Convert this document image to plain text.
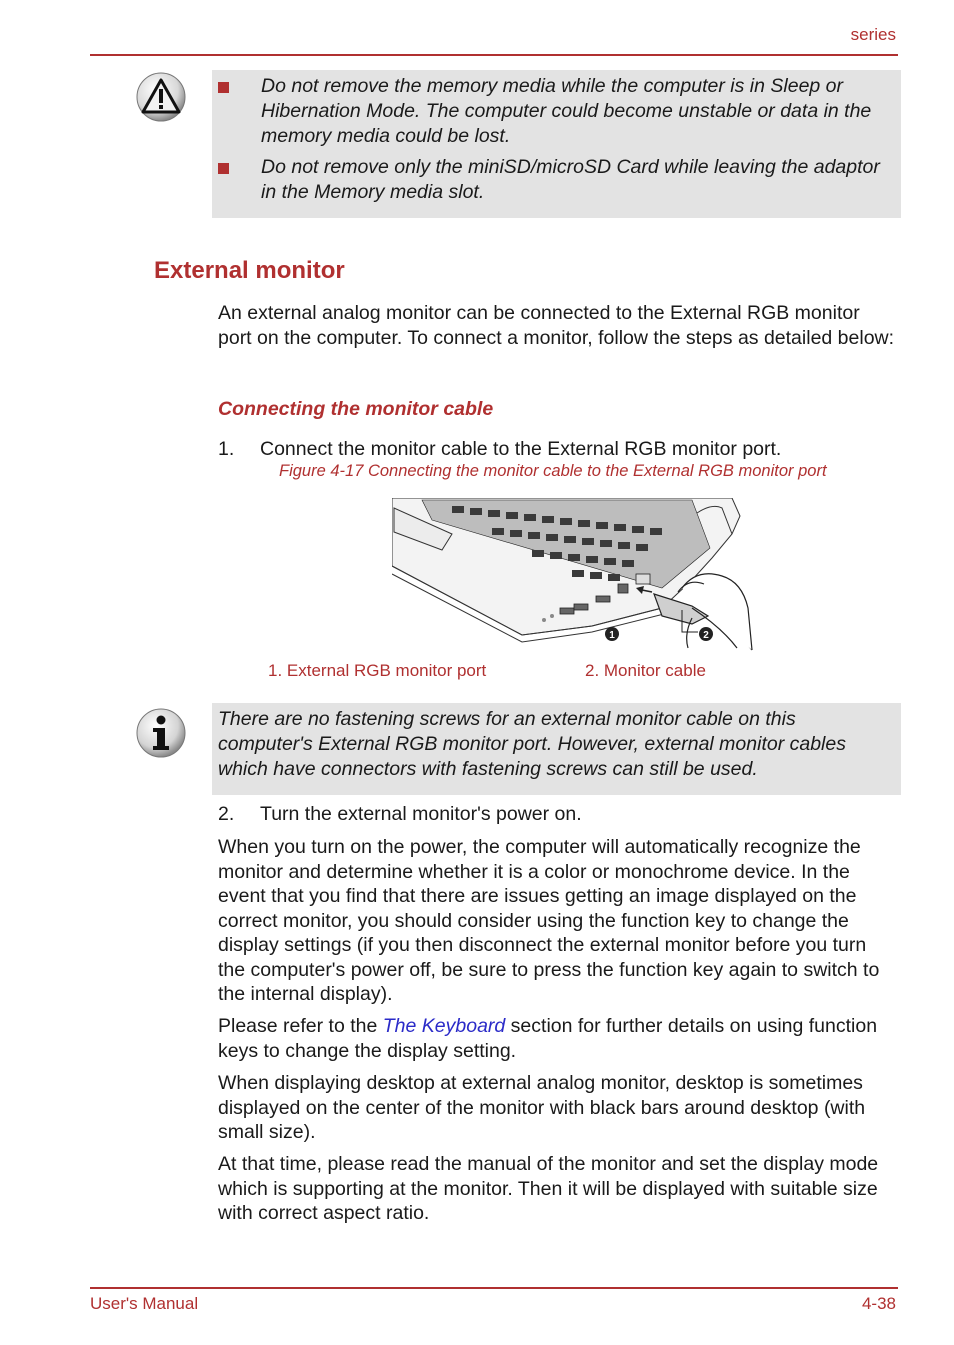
series
Do not remove the memory media while the computer is in Sleep or Hibernation Mode. The computer could become unstable or data in the memory media could be lost.
Do not remove only the miniSD/microSD Card while leaving the adaptor in the Memory media slot.
External monitor
An external analog monitor can be connected to the External RGB monitor port on the computer. To connect a monitor, follow the steps as detailed below:
Connecting the monitor cable
1. Connect the monitor cable to the External RGB monitor port.
Figure 4-17 Connecting the monitor cable to the External RGB monitor port
1	2
1. External RGB monitor port	2. Monitor cable
There are no fastening screws for an external monitor cable on this computer's External RGB monitor port. However, external monitor cables which have connectors with fastening screws can still be used.
2. Turn the external monitor's power on.
When you turn on the power, the computer will automatically recognize the monitor and determine whether it is a color or monochrome device. In the event that you find that there are issues getting an image displayed on the correct monitor, you should consider using the function key to change the display settings (if you then disconnect the external monitor before you turn the computer's power off, be sure to press the function key again to switch to the internal display).
Please refer to the The Keyboard section for further details on using function keys to change the display setting.
When displaying desktop at external analog monitor, desktop is sometimes displayed on the center of the monitor with black bars around desktop (with small size).
At that time, please read the manual of the monitor and set the display mode which is supporting at the monitor. Then it will be displayed with suitable size with correct aspect ratio.
User's Manual	4-38
